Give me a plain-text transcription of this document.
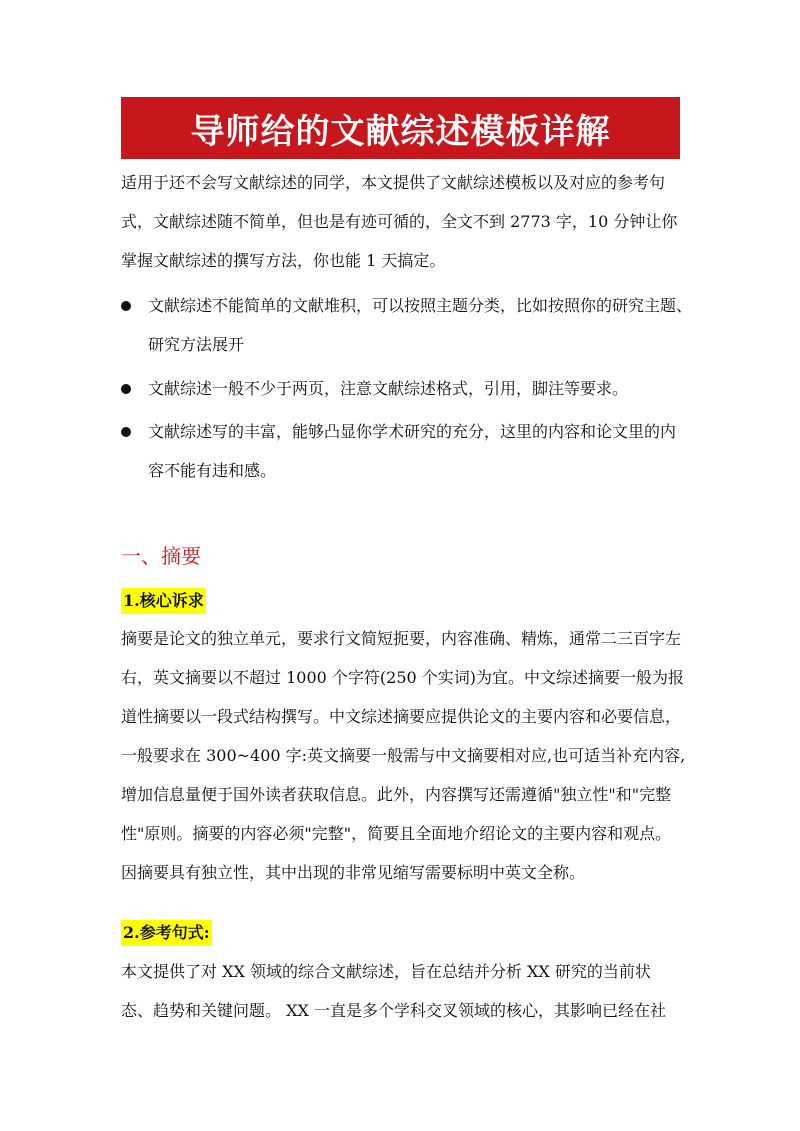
导师给的文献综述模板详解
适用于还不会写文献综述的同学，本文提供了文献综述模板以及对应的参考句
式，文献综述随不简单，但也是有迹可循的，全文不到 2773 字，10 分钟让你
掌握文献综述的撰写方法，你也能 1 天搞定。
文献综述不能简单的文献堆积，可以按照主题分类，比如按照你的研究主题、
研究方法展开
文献综述一般不少于两页，注意文献综述格式，引用，脚注等要求。
文献综述写的丰富，能够凸显你学术研究的充分，这里的内容和论文里的内
容不能有违和感。
一、摘要
1.核心诉求
摘要是论文的独立单元，要求行文简短扼要，内容准确、精炼，通常二三百字左
右，英文摘要以不超过 1000 个字符(250 个实词)为宜。中文综述摘要一般为报
道性摘要以一段式结构撰写。中文综述摘要应提供论文的主要内容和必要信息，
一般要求在 300~400 字:英文摘要一般需与中文摘要相对应,也可适当补充内容,
增加信息量便于国外读者获取信息。此外，内容撰写还需遵循"独立性"和"完整
性"原则。摘要的内容必须"完整"，简要且全面地介绍论文的主要内容和观点。
因摘要具有独立性，其中出现的非常见缩写需要标明中英文全称。
2.参考句式:
本文提供了对 XX 领域的综合文献综述，旨在总结并分析 XX 研究的当前状
态、趋势和关键问题。 XX 一直是多个学科交叉领域的核心，其影响已经在社
